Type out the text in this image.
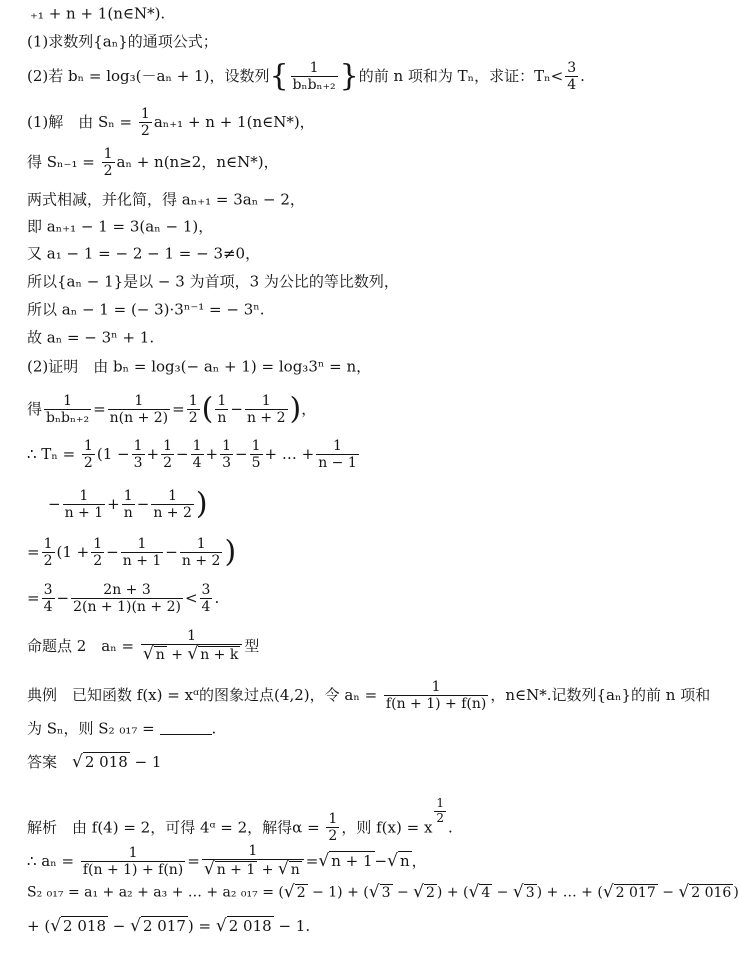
₊₁ + n + 1(n∈N*).
(1)求数列{aₙ}的通项公式；
(2)若 bₙ = log₃(－aₙ + 1)，设数列{	1
bₙbₙ₊₂ }的前 n 项和为 Tₙ，求证：$T_n< \frac{3}{4}$ .
(1)解　由 $S_n = \frac{1}{2} a_{n+1} + n$ + 1(n∈N*)，
得 $S_{n-1} = \frac{1}{2}$ aₙ + n(n≥2，n∈N*)，
两式相减，并化简，得 aₙ₊₁ = 3aₙ − 2，
即 aₙ₊₁ − 1 = 3(aₙ − 1)，
又 a₁ − 1 = − 2 − 1 = − 3≠0，
所以{aₙ − 1}是以 − 3 为首项，3 为公比的等比数列，
所以 aₙ − 1 = (− 3)·3ⁿ⁻¹ = − 3ⁿ.
故 aₙ = − 3ⁿ + 1.
(2)证明　由 bₙ = log₃(− aₙ + 1) = log₃3ⁿ = n，
得	1
$b_nb_{n+2} = \frac{1}{n(n + 2)} = \frac{1}{2}$ ( $\frac{1}{n} - \frac{1}{n + 2}$ )，
∴ $T_n = \frac{1}{2} (1 - \frac{1}{3} + \frac{1}{2} - \frac{1}{4} + \frac{1}{3} - \frac{1}{5}$ + … + $\frac{1}{n - 1}$
− $\frac{1}{n + 1} + \frac{1}{n} - \frac{1}{n + 2}$ )
= $\frac{1}{2} (1 + \frac{1}{2} - \frac{1}{n + 1} - \frac{1}{n + 2}$ )
= $\frac{3}{4} - \frac{2n + 3}{2(n + 1)(n + 2)} < \frac{3}{4}$ .
命题点 2　$a_n = \frac{1}{√ n + √ n + k}$ 型
典例　已知函数 f(x) = xᵅ的图象过点(4,2)，令 $a_n = \frac{1}{f(n + 1) + f(n)}$ ，n∈N*.记数列{aₙ}的前 n 项和
为 Sₙ，则 S₂ ₀₁₇ =	.
答案　√ 2 018 − 1
解析　由 f(4) = 2，可得 4ᵅ = 2，解得$\alpha = \frac{1}{2}$ ，则 f(x) = x
$\frac{1}{2}$
.
∴ $a_n = \frac{1}{f(n + 1) + f(n)} = \frac{1}{√ n + 1 + √ n}$ =√ n + 1 −√ n ，
S₂ ₀₁₇ = a₁ + a₂ + a₃ + … + a₂ ₀₁₇ = (√ 2 − 1) + (√ 3 − √ 2 ) + (√ 4 − √ 3 ) + … + (√ 2 017 − √ 2 016 )
+ (√ 2 018 − √ 2 017 ) = √ 2 018 − 1.
